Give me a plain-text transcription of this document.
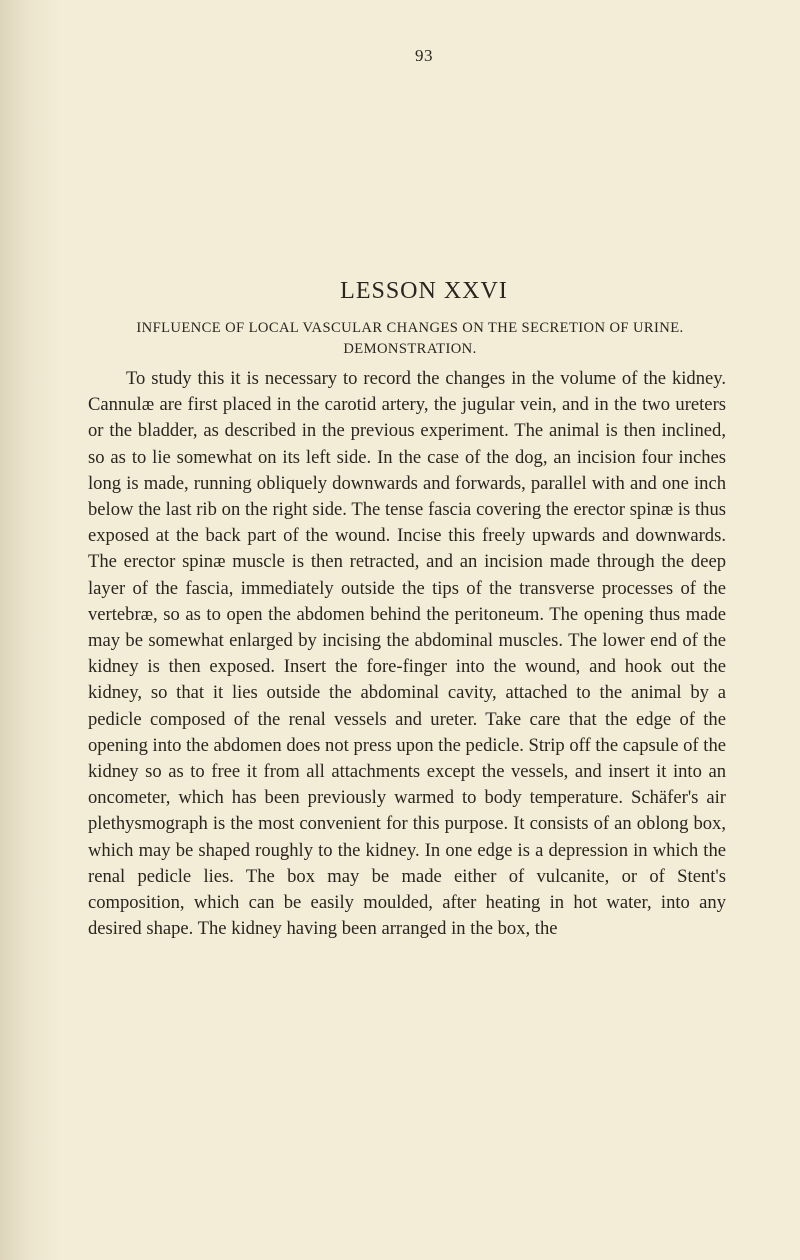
93
LESSON XXVI
INFLUENCE OF LOCAL VASCULAR CHANGES ON THE SECRETION OF URINE. DEMONSTRATION.

To study this it is necessary to record the changes in the volume of the kidney. Cannulæ are first placed in the carotid artery, the jugular vein, and in the two ureters or the bladder, as described in the previous experiment. The animal is then inclined, so as to lie somewhat on its left side. In the case of the dog, an incision four inches long is made, running obliquely downwards and forwards, parallel with and one inch below the last rib on the right side. The tense fascia covering the erector spinæ is thus exposed at the back part of the wound. Incise this freely upwards and downwards. The erector spinæ muscle is then retracted, and an incision made through the deep layer of the fascia, immediately outside the tips of the transverse processes of the vertebræ, so as to open the abdomen behind the peritoneum. The opening thus made may be somewhat enlarged by incising the abdominal muscles. The lower end of the kidney is then exposed. Insert the fore-finger into the wound, and hook out the kidney, so that it lies outside the abdominal cavity, attached to the animal by a pedicle composed of the renal vessels and ureter. Take care that the edge of the opening into the abdomen does not press upon the pedicle. Strip off the capsule of the kidney so as to free it from all attachments except the vessels, and insert it into an oncometer, which has been previously warmed to body temperature. Schäfer's air plethysmograph is the most convenient for this purpose. It consists of an oblong box, which may be shaped roughly to the kidney. In one edge is a depression in which the renal pedicle lies. The box may be made either of vulcanite, or of Stent's composition, which can be easily moulded, after heating in hot water, into any desired shape. The kidney having been arranged in the box, the
